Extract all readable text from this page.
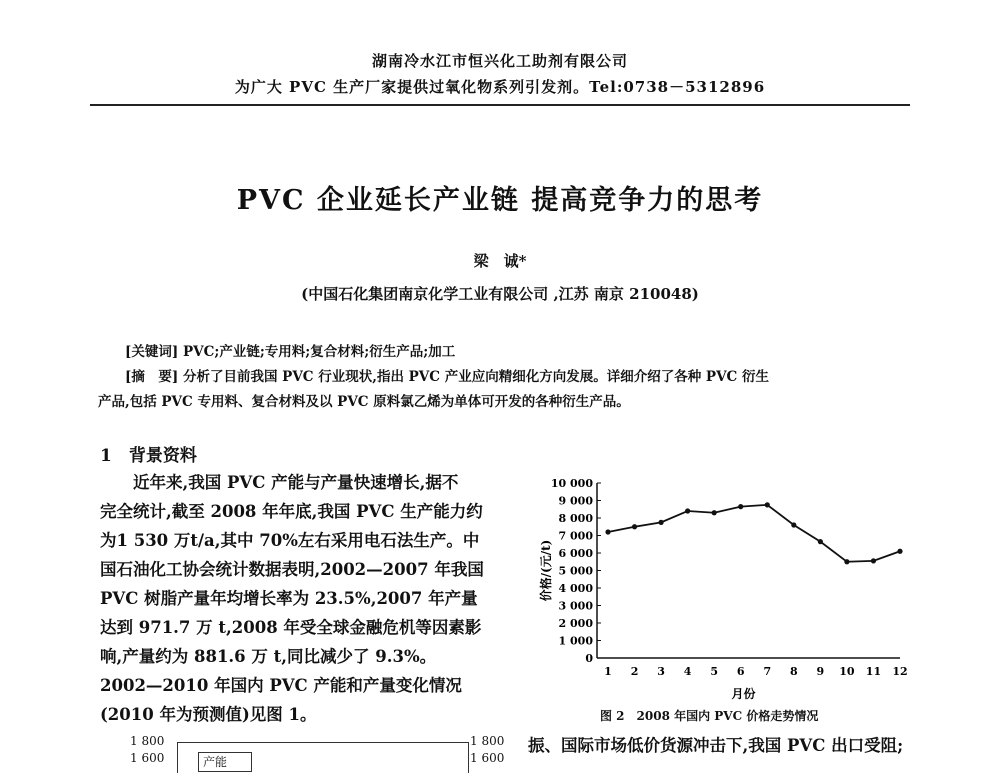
湖南冷水江市恒兴化工助剂有限公司
为广大 PVC 生产厂家提供过氧化物系列引发剂。Tel:0738－5312896
PVC 企业延长产业链 提高竞争力的思考
梁　诚*
(中国石化集团南京化学工业有限公司 ,江苏 南京 210048)
[关键词] PVC;产业链;专用料;复合材料;衍生产品;加工
[摘　要] 分析了目前我国 PVC 行业现状,指出 PVC 产业应向精细化方向发展。详细介绍了各种 PVC 衍生
产品,包括 PVC 专用料、复合材料及以 PVC 原料氯乙烯为单体可开发的各种衍生产品。
1　背景资料
　　近年来,我国 PVC 产能与产量快速增长,据不
完全统计,截至 2008 年年底,我国 PVC 生产能力约
为1 530 万t/a,其中 70%左右采用电石法生产。中
国石油化工协会统计数据表明,2002—2007 年我国
PVC 树脂产量年均增长率为 23.5%,2007 年产量
达到 971.7 万 t,2008 年受全球金融危机等因素影
响,产量约为 881.6 万 t,同比减少了 9.3%。
2002—2010 年国内 PVC 产能和产量变化情况
(2010 年为预测值)见图 1。
1 800
1 600	产能
1 800
1 600
0
1 000
2 000
3 000
4 000
5 000
6 000
7 000
8 000
9 000
10 000
1 2 3 4 5 6 7 8 9 10 11 12
月份
价格/(元/t)
图 2　2008 年国内 PVC 价格走势情况
振、国际市场低价货源冲击下,我国 PVC 出口受阻;
